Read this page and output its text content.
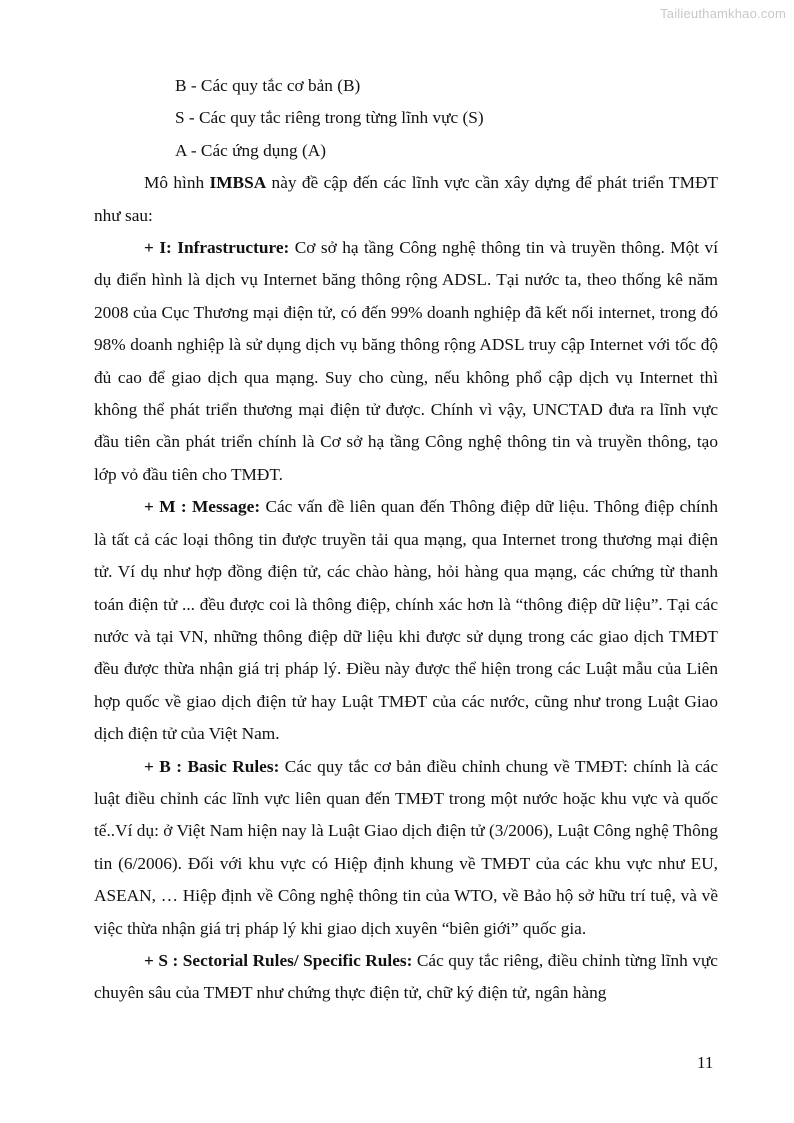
Tailieuthamkhao.com

B - Các quy tắc cơ bản (B)

S - Các quy tắc riêng trong từng lĩnh vực (S)

A - Các ứng dụng (A)

Mô hình IMBSA này đề cập đến các lĩnh vực cần xây dựng để phát triển TMĐT như sau:

+ I: Infrastructure: Cơ sở hạ tầng Công nghệ thông tin và truyền thông. Một ví dụ điển hình là dịch vụ Internet băng thông rộng ADSL. Tại nước ta, theo thống kê năm 2008 của Cục Thương mại điện tử, có đến 99% doanh nghiệp đã kết nối internet, trong đó 98% doanh nghiệp là sử dụng dịch vụ băng thông rộng ADSL truy cập Internet với tốc độ đủ cao để giao dịch qua mạng. Suy cho cùng, nếu không phổ cập dịch vụ Internet thì không thể phát triển thương mại điện tử được. Chính vì vậy, UNCTAD đưa ra lĩnh vực đầu tiên cần phát triển chính là Cơ sở hạ tầng Công nghệ thông tin và truyền thông, tạo lớp vỏ đầu tiên cho TMĐT.

+ M : Message: Các vấn đề liên quan đến Thông điệp dữ liệu. Thông điệp chính là tất cả các loại thông tin được truyền tải qua mạng, qua Internet trong thương mại điện tử. Ví dụ như hợp đồng điện tử, các chào hàng, hỏi hàng qua mạng, các chứng từ thanh toán điện tử ... đều được coi là thông điệp, chính xác hơn là “thông điệp dữ liệu”. Tại các nước và tại VN, những thông điệp dữ liệu khi được sử dụng trong các giao dịch TMĐT đều được thừa nhận giá trị pháp lý. Điều này được thể hiện trong các Luật mẫu của Liên hợp quốc về giao dịch điện tử hay Luật TMĐT của các nước, cũng như trong Luật Giao dịch điện tử của Việt Nam.

+ B : Basic Rules: Các quy tắc cơ bản điều chỉnh chung về TMĐT: chính là các luật điều chỉnh các lĩnh vực liên quan đến TMĐT trong một nước hoặc khu vực và quốc tế..Ví dụ: ở Việt Nam hiện nay là Luật Giao dịch điện tử (3/2006), Luật Công nghệ Thông tin (6/2006). Đối với khu vực có Hiệp định khung về TMĐT của các khu vực như EU, ASEAN, … Hiệp định về Công nghệ thông tin của WTO, về Bảo hộ sở hữu trí tuệ, và về việc thừa nhận giá trị pháp lý khi giao dịch xuyên “biên giới” quốc gia.

+ S : Sectorial Rules/ Specific Rules: Các quy tắc riêng, điều chỉnh từng lĩnh vực chuyên sâu của TMĐT như chứng thực điện tử, chữ ký điện tử, ngân hàng

11
